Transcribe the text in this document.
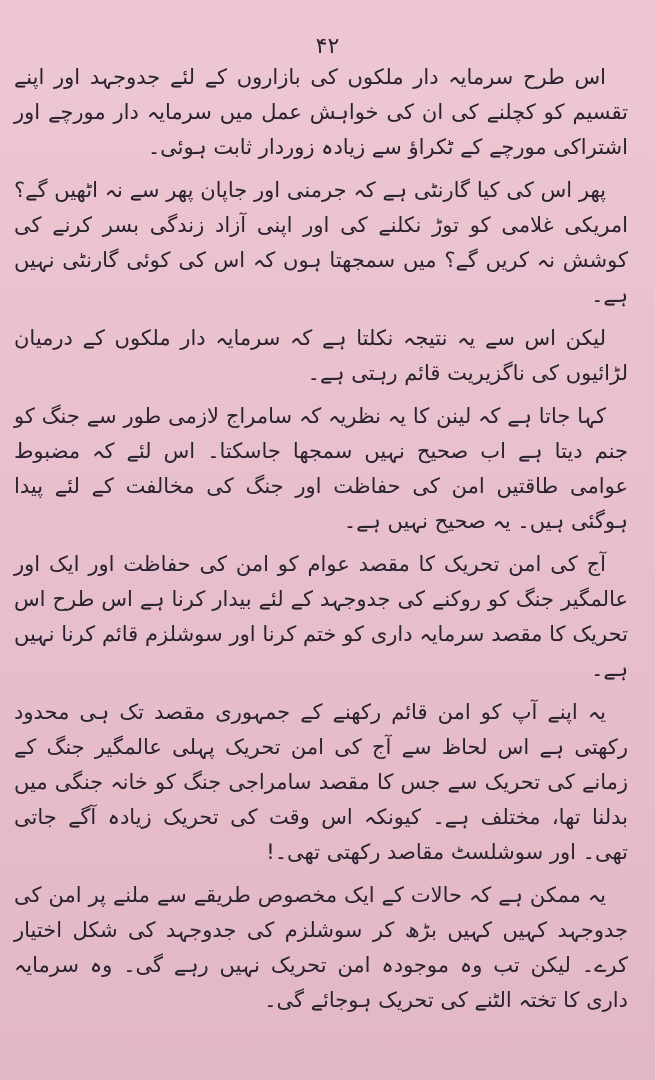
۴۲

اس طرح سرمایہ دار ملکوں کی بازاروں کے لئے جدوجہد اور اپنے تقسیم کو کچلنے کی ان کی خواہش عمل میں سرمایہ دار مورچے اور اشتراکی مورچے کے ٹکراؤ سے زیادہ زوردار ثابت ہوئی۔

پھر اس کی کیا گارنٹی ہے کہ جرمنی اور جاپان پھر سے نہ اٹھیں گے؟ امریکی غلامی کو توڑ نکلنے کی اور اپنی آزاد زندگی بسر کرنے کی کوشش نہ کریں گے؟ میں سمجھتا ہوں کہ اس کی کوئی گارنٹی نہیں ہے۔

لیکن اس سے یہ نتیجہ نکلتا ہے کہ سرمایہ دار ملکوں کے درمیان لڑائیوں کی ناگزیریت قائم رہتی ہے۔

کہا جاتا ہے کہ لینن کا یہ نظریہ کہ سامراج لازمی طور سے جنگ کو جنم دیتا ہے اب صحیح نہیں سمجھا جاسکتا۔ اس لئے کہ مضبوط عوامی طاقتیں امن کی حفاظت اور جنگ کی مخالفت کے لئے پیدا ہوگئی ہیں۔ یہ صحیح نہیں ہے۔

آج کی امن تحریک کا مقصد عوام کو امن کی حفاظت اور ایک اور عالمگیر جنگ کو روکنے کی جدوجہد کے لئے بیدار کرنا ہے اس طرح اس تحریک کا مقصد سرمایہ داری کو ختم کرنا اور سوشلزم قائم کرنا نہیں ہے۔

یہ اپنے آپ کو امن قائم رکھنے کے جمہوری مقصد تک ہی محدود رکھتی ہے اس لحاظ سے آج کی امن تحریک پہلی عالمگیر جنگ کے زمانے کی تحریک سے جس کا مقصد سامراجی جنگ کو خانہ جنگی میں بدلنا تھا، مختلف ہے۔ کیونکہ اس وقت کی تحریک زیادہ آگے جاتی تھی۔ اور سوشلسٹ مقاصد رکھتی تھی۔!

یہ ممکن ہے کہ حالات کے ایک مخصوص طریقے سے ملنے پر امن کی جدوجہد کہیں کہیں بڑھ کر سوشلزم کی جدوجہد کی شکل اختیار کرے۔ لیکن تب وہ موجودہ امن تحریک نہیں رہے گی۔ وہ سرمایہ داری کا تختہ الٹنے کی تحریک ہوجائے گی۔
